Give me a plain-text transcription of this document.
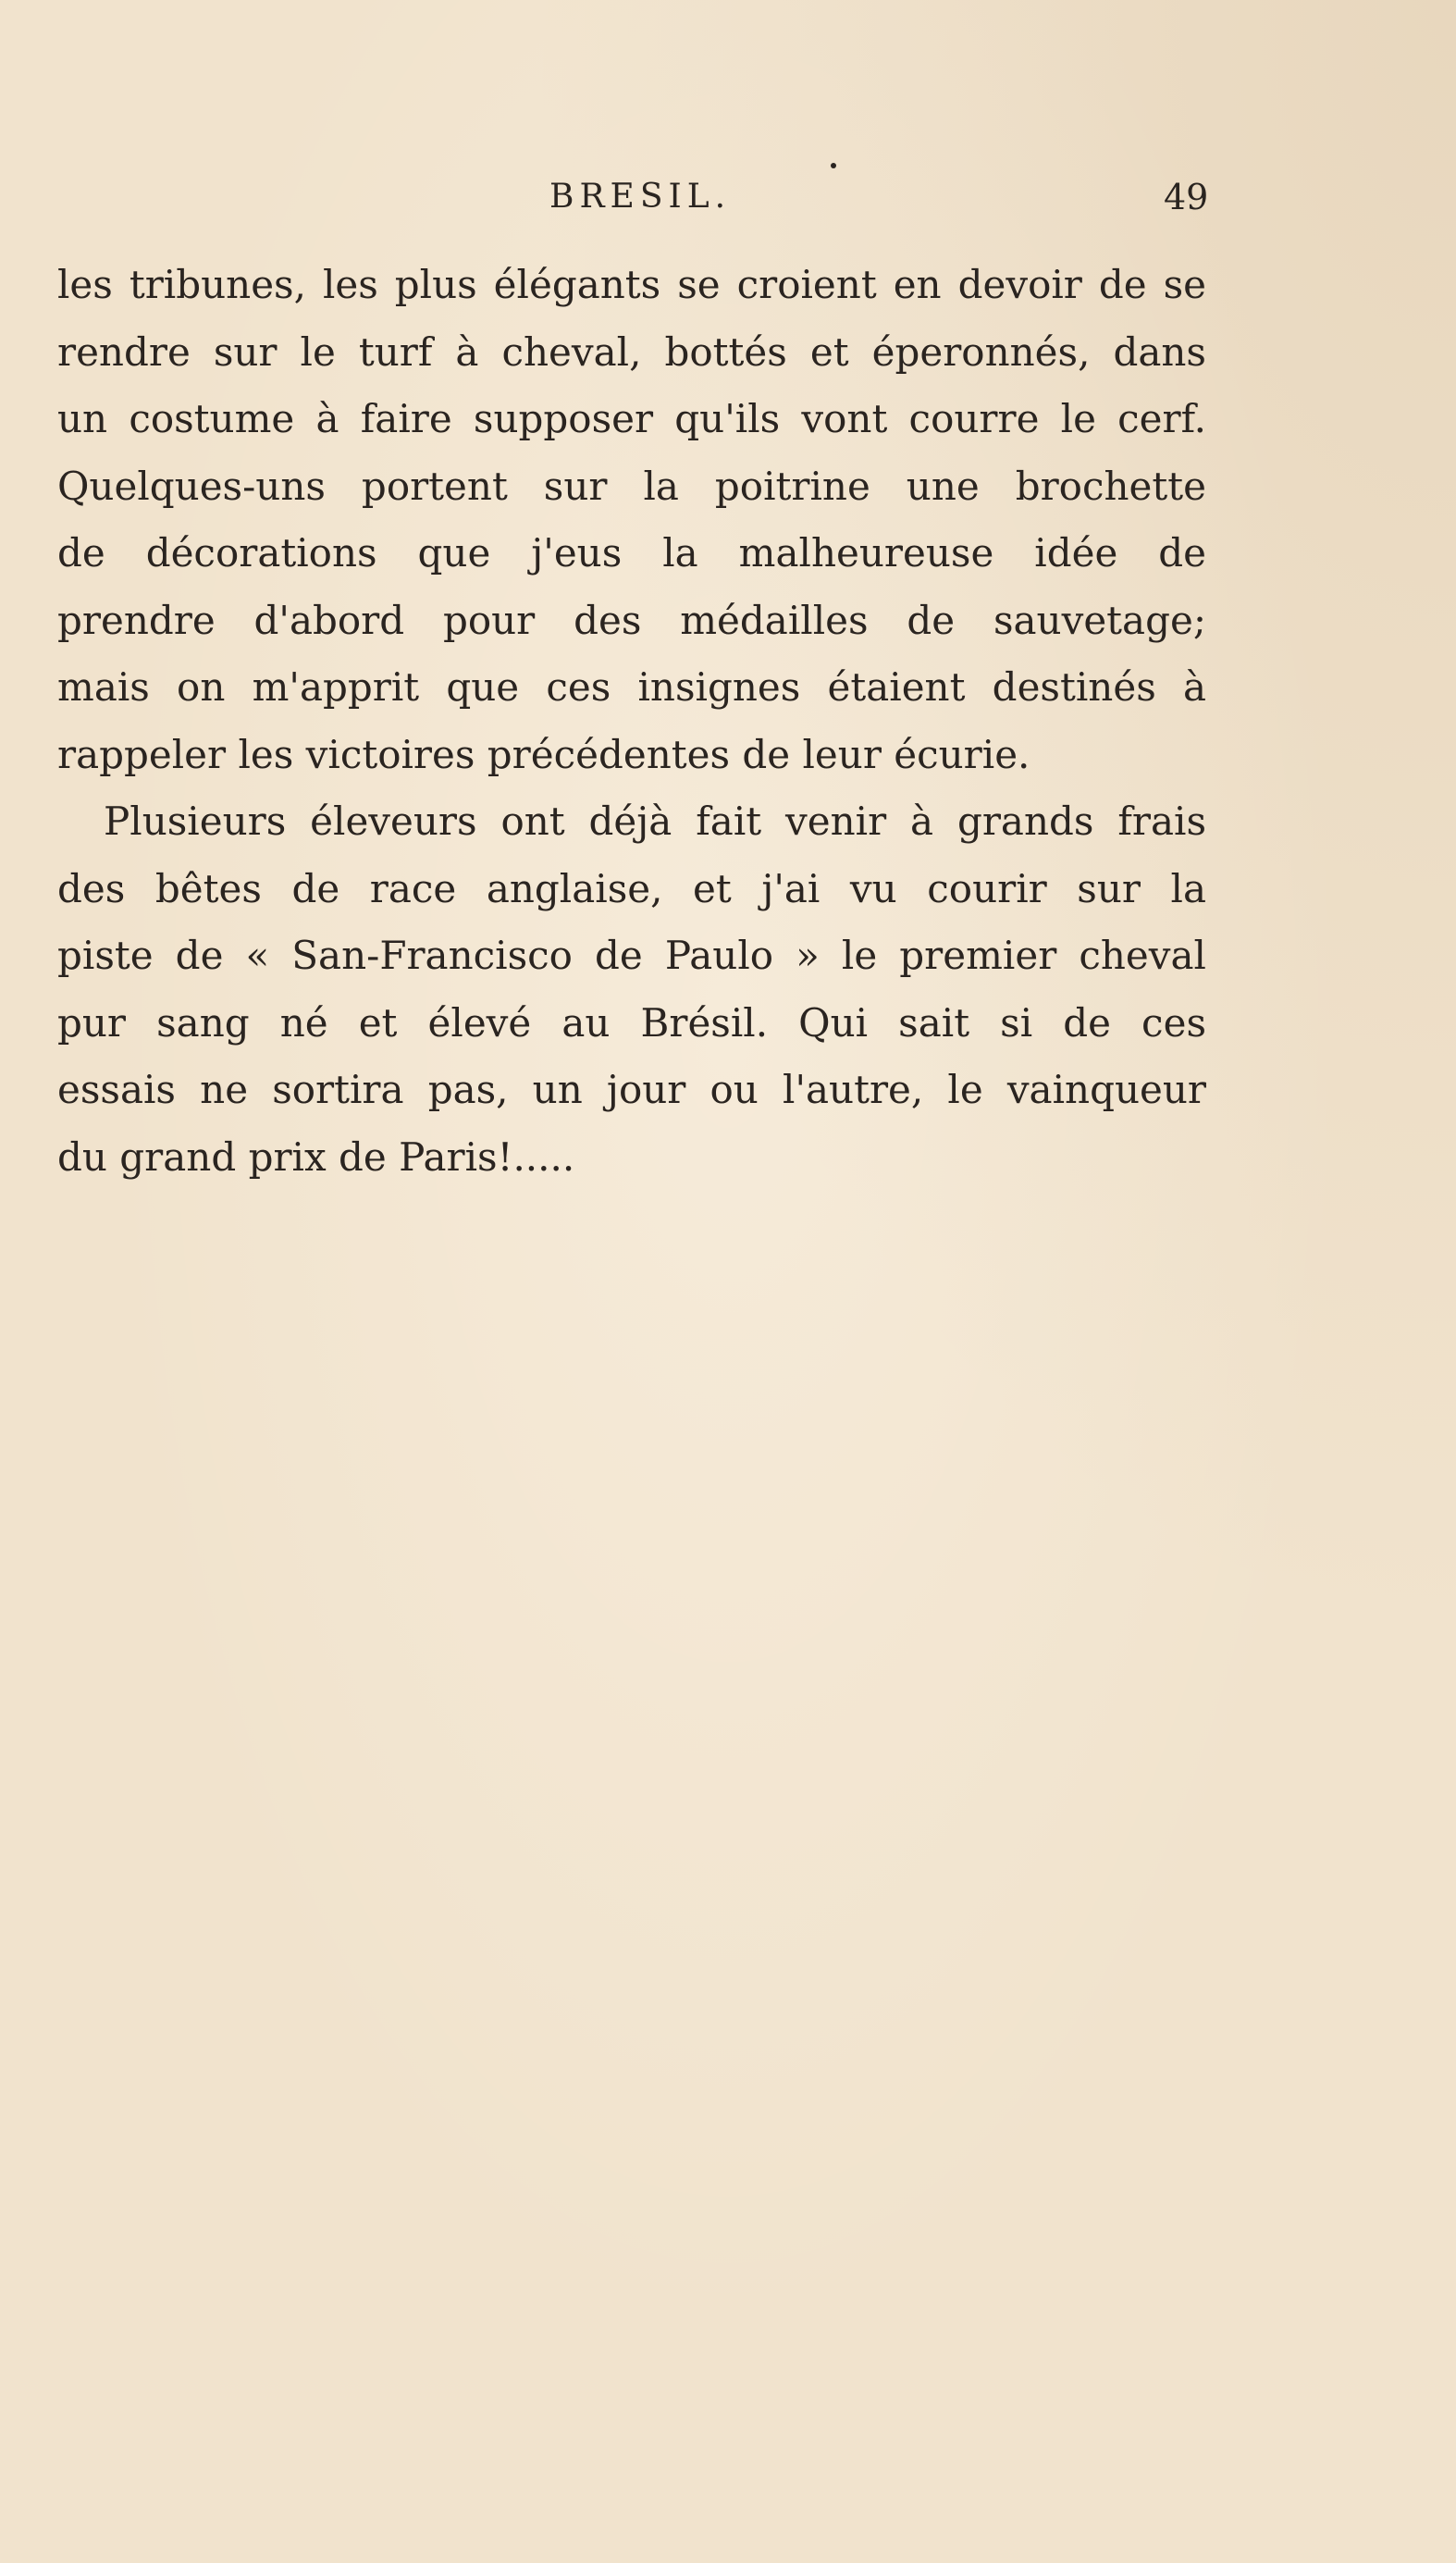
BRESIL.	49
les tribunes, les plus élégants se croient en devoir de se
rendre sur le turf à cheval, bottés et éperonnés, dans
un costume à faire supposer qu'ils vont courre le cerf.
Quelques-uns portent sur la poitrine une brochette
de décorations que j'eus la malheureuse idée de
prendre d'abord pour des médailles de sauvetage;
mais on m'apprit que ces insignes étaient destinés à
rappeler les victoires précédentes de leur écurie.
Plusieurs éleveurs ont déjà fait venir à grands frais
des bêtes de race anglaise, et j'ai vu courir sur la
piste de « San-Francisco de Paulo » le premier cheval
pur sang né et élevé au Brésil. Qui sait si de ces
essais ne sortira pas, un jour ou l'autre, le vainqueur
du grand prix de Paris!.....
